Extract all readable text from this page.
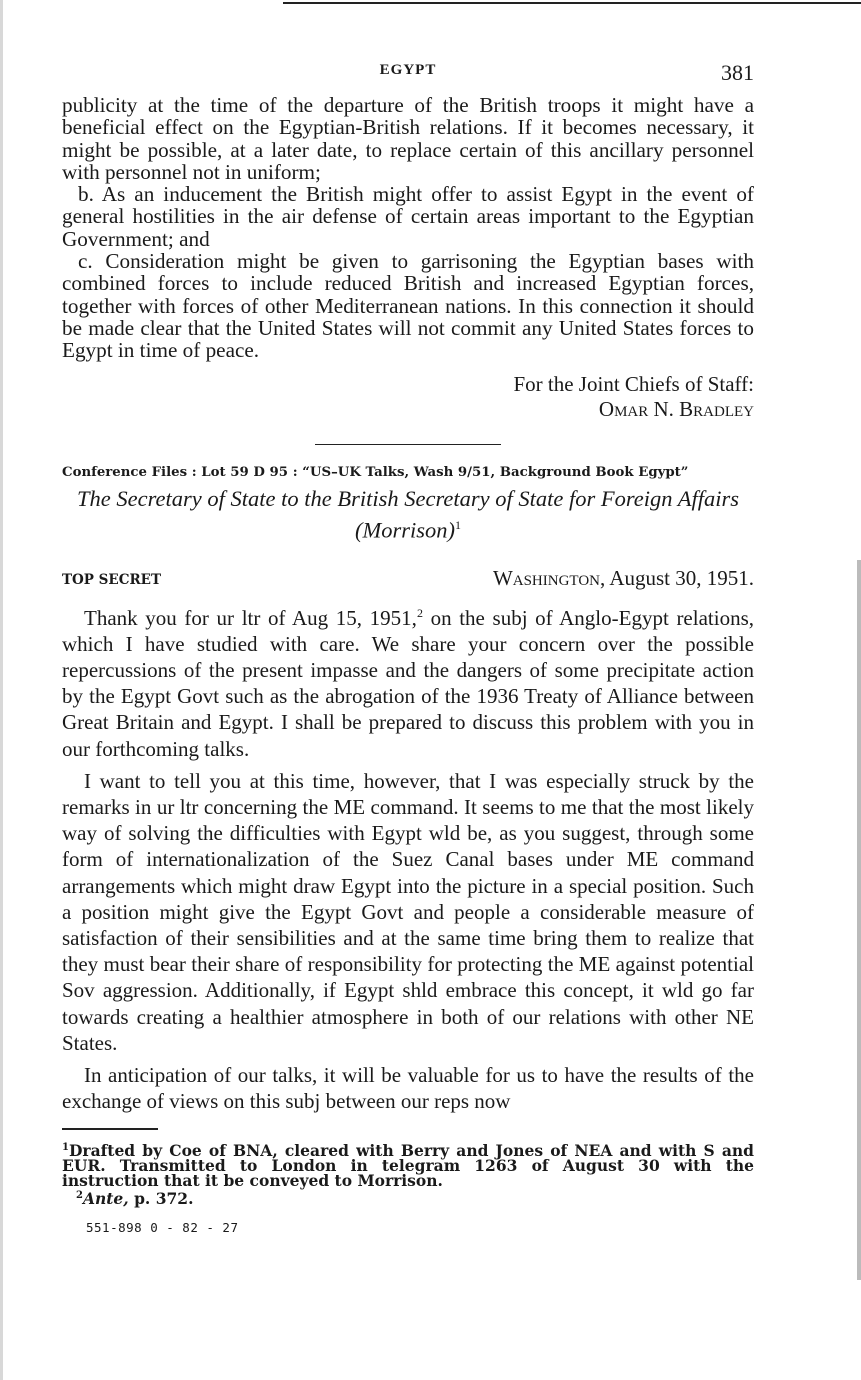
EGYPT	381

publicity at the time of the departure of the British troops it might have a beneficial effect on the Egyptian-British relations. If it becomes necessary, it might be possible, at a later date, to replace certain of this ancillary personnel with personnel not in uniform;

b. As an inducement the British might offer to assist Egypt in the event of general hostilities in the air defense of certain areas important to the Egyptian Government; and

c. Consideration might be given to garrisoning the Egyptian bases with combined forces to include reduced British and increased Egyptian forces, together with forces of other Mediterranean nations. In this connection it should be made clear that the United States will not commit any United States forces to Egypt in time of peace.

For the Joint Chiefs of Staff:
Omar N. Bradley
Conference Files : Lot 59 D 95 : “US–UK Talks, Wash 9/51, Background Book Egypt”
The Secretary of State to the British Secretary of State for Foreign Affairs (Morrison)$^1$
TOP SECRET	Washington, August 30, 1951.

Thank you for ur ltr of Aug 15, 1951,$^2$ on the subj of Anglo-Egypt relations, which I have studied with care. We share your concern over the possible repercussions of the present impasse and the dangers of some precipitate action by the Egypt Govt such as the abrogation of the 1936 Treaty of Alliance between Great Britain and Egypt. I shall be prepared to discuss this problem with you in our forthcoming talks.

I want to tell you at this time, however, that I was especially struck by the remarks in ur ltr concerning the ME command. It seems to me that the most likely way of solving the difficulties with Egypt wld be, as you suggest, through some form of internationalization of the Suez Canal bases under ME command arrangements which might draw Egypt into the picture in a special position. Such a position might give the Egypt Govt and people a considerable measure of satisfaction of their sensibilities and at the same time bring them to realize that they must bear their share of responsibility for protecting the ME against potential Sov aggression. Additionally, if Egypt shld embrace this concept, it wld go far towards creating a healthier atmosphere in both of our relations with other NE States.

In anticipation of our talks, it will be valuable for us to have the results of the exchange of views on this subj between our reps now

$^1$Drafted by Coe of BNA, cleared with Berry and Jones of NEA and with S and EUR. Transmitted to London in telegram 1263 of August 30 with the instruction that it be conveyed to Morrison.

$^2$Ante, p. 372.

551-898 0 - 82 - 27
